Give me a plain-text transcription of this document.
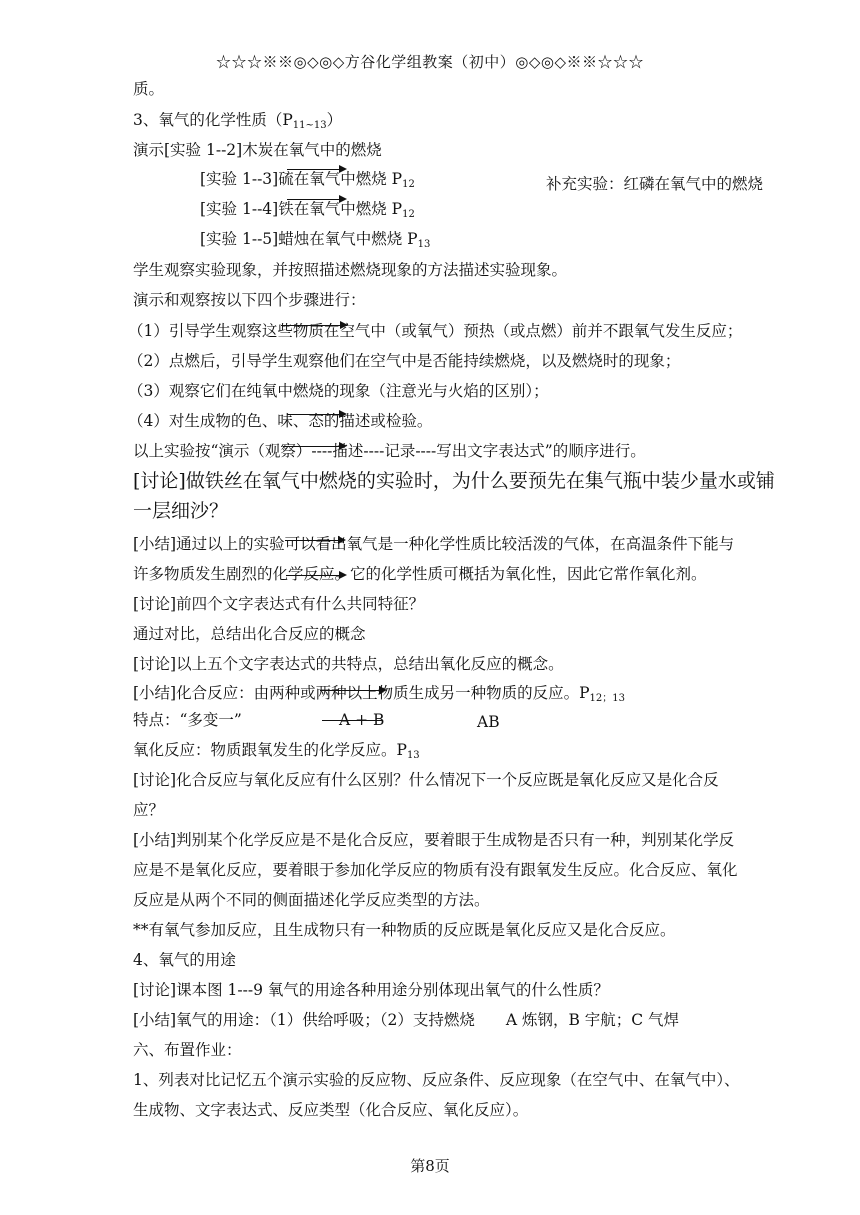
☆☆☆※※◎◇◎◇方谷化学组教案（初中）◎◇◎◇※※☆☆☆
质。
3、氧气的化学性质$(P_{11\sim 13})$
演示[实验 1--2]木炭在氧气中的燃烧
[实验 1--3]硫在氧气中燃烧 $P_{12}$	补充实验：红磷在氧气中的燃烧
[实验 1--4]铁在氧气中燃烧 $P_{12}$
[实验 1--5]蜡烛在氧气中燃烧 $P_{13}$
学生观察实验现象，并按照描述燃烧现象的方法描述实验现象。
演示和观察按以下四个步骤进行：
（1）引导学生观察这些物质在空气中（或氧气）预热（或点燃）前并不跟氧气发生反应；
（2）点燃后，引导学生观察他们在空气中是否能持续燃烧，以及燃烧时的现象；
（3）观察它们在纯氧中燃烧的现象（注意光与火焰的区别）；
（4）对生成物的色、味、态的描述或检验。
以上实验按“演示（观察）----描述----记录----写出文字表达式”的顺序进行。
[讨论]做铁丝在氧气中燃烧的实验时，为什么要预先在集气瓶中装少量水或铺
一层细沙？
[小结]通过以上的实验可以看出氧气是一种化学性质比较活泼的气体，在高温条件下能与
许多物质发生剧烈的化学反应。它的化学性质可概括为氧化性，因此它常作氧化剂。
[讨论]前四个文字表达式有什么共同特征？
通过对比，总结出化合反应的概念
[讨论]以上五个文字表达式的共特点，总结出氧化反应的概念。
[小结]化合反应：由两种或两种以上物质生成另一种物质的反应。$P_{12;13}$
特点：“多变一”	A + B	AB
氧化反应：物质跟氧发生的化学反应。$P_{13}$
[讨论]化合反应与氧化反应有什么区别？什么情况下一个反应既是氧化反应又是化合反
应？
[小结]判别某个化学反应是不是化合反应，要着眼于生成物是否只有一种，判别某化学反
应是不是氧化反应，要着眼于参加化学反应的物质有没有跟氧发生反应。化合反应、氧化
反应是从两个不同的侧面描述化学反应类型的方法。
**有氧气参加反应，且生成物只有一种物质的反应既是氧化反应又是化合反应。
4、氧气的用途
[讨论]课本图 1---9 氧气的用途各种用途分别体现出氧气的什么性质？
[小结]氧气的用途：（1）供给呼吸；（2）支持燃烧　　A 炼钢，B 宇航；C 气焊
六、布置作业：
1、列表对比记忆五个演示实验的反应物、反应条件、反应现象（在空气中、在氧气中）、
生成物、文字表达式、反应类型（化合反应、氧化反应）。
第8页
